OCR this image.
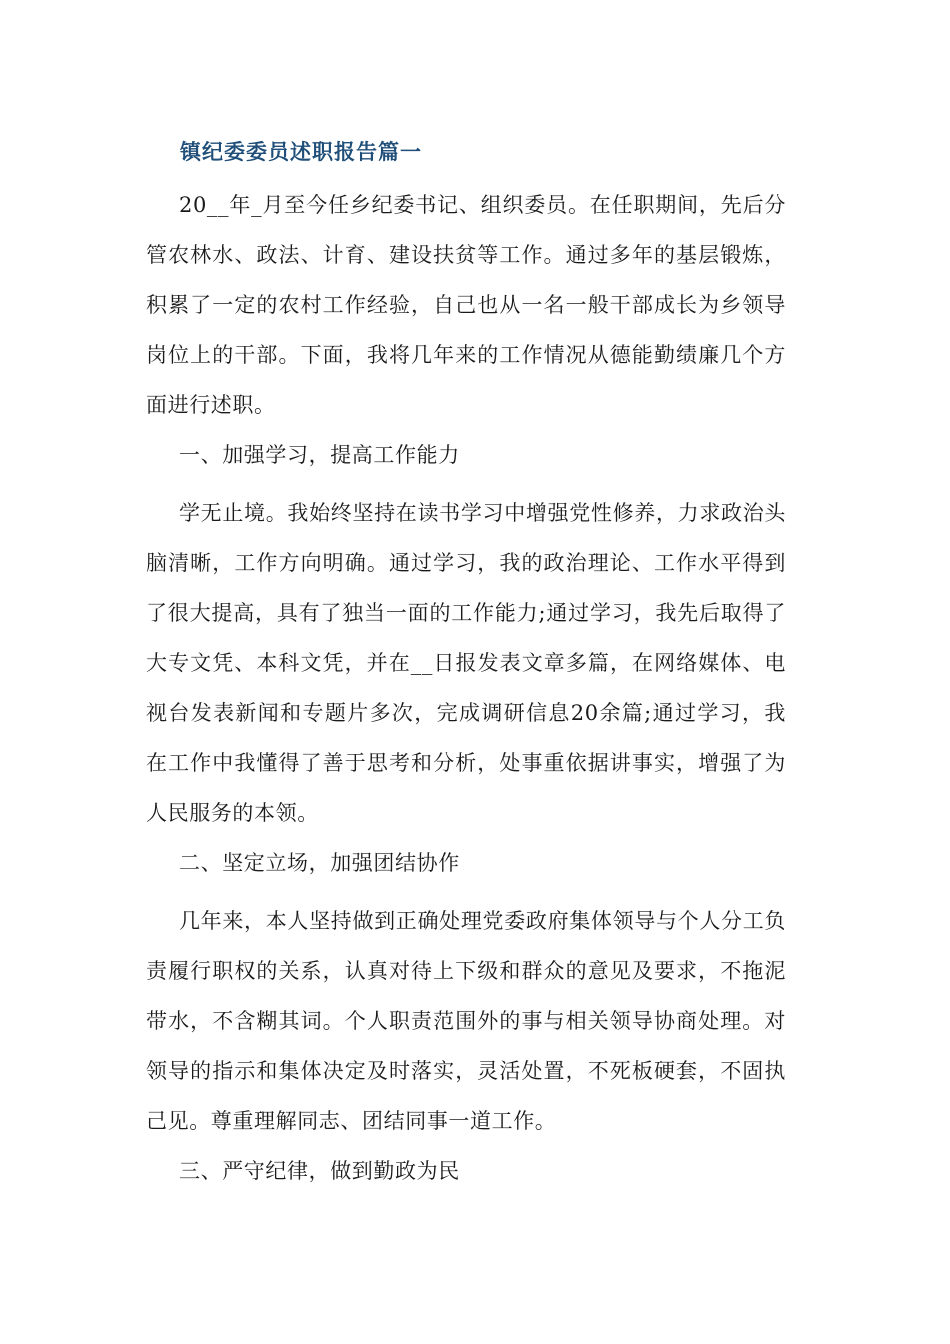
镇纪委委员述职报告篇一

20__年_月至今任乡纪委书记、组织委员。在任职期间，先后分管农林水、政法、计育、建设扶贫等工作。通过多年的基层锻炼，积累了一定的农村工作经验，自己也从一名一般干部成长为乡领导岗位上的干部。下面，我将几年来的工作情况从德能勤绩廉几个方面进行述职。

一、加强学习，提高工作能力

学无止境。我始终坚持在读书学习中增强党性修养，力求政治头脑清晰，工作方向明确。通过学习，我的政治理论、工作水平得到了很大提高，具有了独当一面的工作能力;通过学习，我先后取得了大专文凭、本科文凭，并在__日报发表文章多篇，在网络媒体、电视台发表新闻和专题片多次，完成调研信息20余篇;通过学习，我在工作中我懂得了善于思考和分析，处事重依据讲事实，增强了为人民服务的本领。

二、坚定立场，加强团结协作

几年来，本人坚持做到正确处理党委政府集体领导与个人分工负责履行职权的关系，认真对待上下级和群众的意见及要求，不拖泥带水，不含糊其词。个人职责范围外的事与相关领导协商处理。对领导的指示和集体决定及时落实，灵活处置，不死板硬套，不固执己见。尊重理解同志、团结同事一道工作。

三、严守纪律，做到勤政为民
